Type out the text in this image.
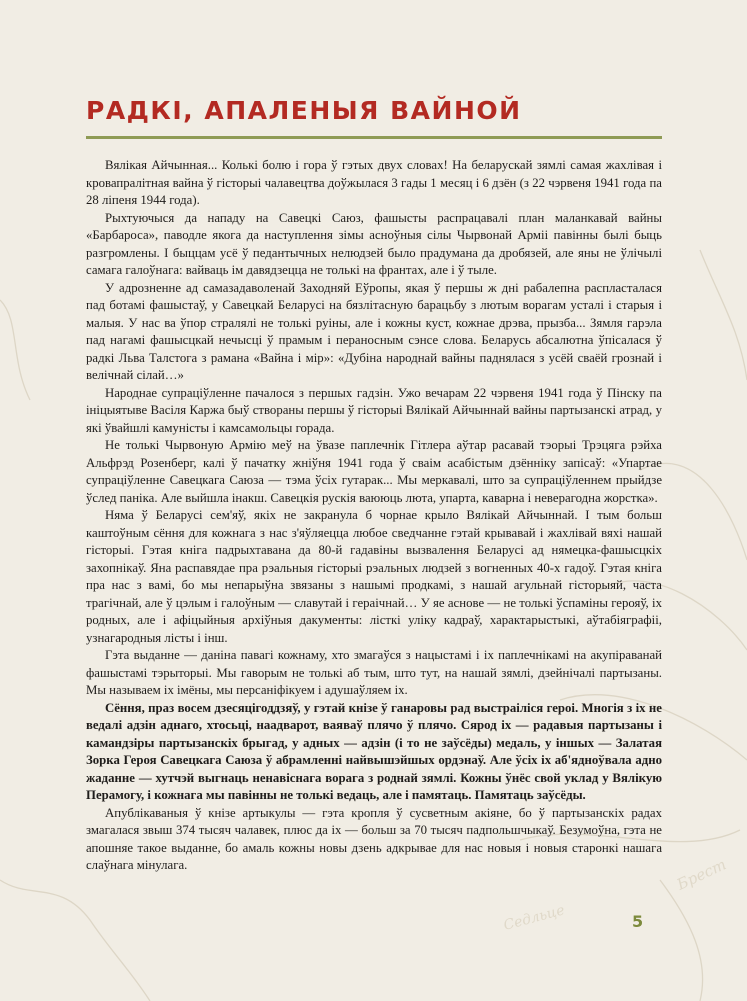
Брест
Седльце
РАДКІ, АПАЛЕНЫЯ ВАЙНОЙ

Вялікая Айчынная... Колькі болю і гора ў гэтых двух словах! На беларускай зямлі самая жахлівая і кровапралітная вайна ў гісторыі чалавецтва доўжылася 3 гады 1 месяц і 6 дзён (з 22 чэрвеня 1941 года па 28 ліпеня 1944 года).

Рыхтуючыся да нападу на Савецкі Саюз, фашысты распрацавалі план маланкавай вайны «Барбароса», паводле якога да наступлення зімы асноўныя сілы Чырвонай Арміі павінны былі быць разгромлены. І быццам усё ў педантычных нелюдзей было прадумана да дробязей, але яны не ўлічылі самага галоўнага: вайваць ім давядзецца не толькі на франтах, але і ў тыле.

У адрозненне ад самазадаволенай Заходняй Еўропы, якая ў першы ж дні рабалепна распласталася пад ботамі фашыстаў, у Савецкай Беларусі на бязлітасную барацьбу з лютым ворагам усталі і старыя і малыя. У нас ва ўпор стралялі не толькі руіны, але і кожны куст, кожнае дрэва, прызба... Зямля гарэла пад нагамі фашысцкай нечысці ў прамым і пераносным сэнсе слова. Беларусь абсалютна ўпісалася ў радкі Льва Талстога з рамана «Вайна і мір»: «Дубіна народнай вайны паднялася з усёй сваёй грознай і велічнай сілай…»

Народнае супраціўленне пачалося з першых гадзін. Ужо вечарам 22 чэрвеня 1941 года ў Пінску па ініцыятыве Васіля Каржа быў створаны першы ў гісторыі Вялікай Айчыннай вайны партызанскі атрад, у які ўвайшлі камуністы і камсамольцы горада.

Не толькі Чырвоную Армію меў на ўвазе паплечнік Гітлера аўтар расавай тэорыі Трэцяга рэйха Альфрэд Розенберг, калі ў пачатку жніўня 1941 года ў сваім асабістым дзённіку запісаў: «Упартае супраціўленне Савецкага Саюза — тэма ўсіх гутарак... Мы меркавалі, што за супраціўленнем прыйдзе ўслед паніка. Але выйшла інакш. Савецкія рускія ваююць люта, упарта, каварна і неверагодна жорстка».

Няма ў Беларусі сем'яў, якіх не закранула б чорнае крыло Вялікай Айчыннай. І тым больш каштоўным сёння для кожнага з нас з'яўляецца любое сведчанне гэтай крывавай і жахлівай вяхі нашай гісторыі. Гэтая кніга падрыхтавана да 80-й гадавіны вызвалення Беларусі ад нямецка-фашысцкіх захопнікаў. Яна распавядае пра рэальныя гісторыі рэальных людзей з вогненных 40-х гадоў. Гэтая кніга пра нас з вамі, бо мы непарыўна звязаны з нашымі продкамі, з нашай агульнай гісторыяй, часта трагічнай, але ў цэлым і галоўным — славутай і гераічнай… У яе аснове — не толькі ўспаміны герояў, іх родных, але і афіцыйныя архіўныя дакументы: лісткі уліку кадраў, характарыстыкі, аўтабіяграфіі, узнагародныя лісты і інш.

Гэта выданне — даніна павагі кожнаму, хто змагаўся з нацыстамі і іх паплечнікамі на акупіраванай фашыстамі тэрыторыі. Мы гаворым не толькі аб тым, што тут, на нашай зямлі, дзейнічалі партызаны. Мы называем іх імёны, мы персаніфікуем і адушаўляем іх.

Сёння, праз восем дзесяцігоддзяў, у гэтай кнізе ў ганаровы рад выстраіліся героі. Многія з іх не ведалі адзін аднаго, хтосьці, наадварот, ваяваў плячо ў плячо. Сярод іх — радавыя партызаны і камандзіры партызанскіх брыгад, у адных — адзін (і то не заўсёды) медаль, у іншых — Залатая Зорка Героя Савецкага Саюза ў абрамленні найвышэйшых ордэнаў. Але ўсіх іх аб'ядноўвала адно жаданне — хутчэй выгнаць ненавіснага ворага з роднай зямлі. Кожны ўнёс свой уклад у Вялікую Перамогу, і кожнага мы павінны не толькі ведаць, але і памятаць. Памятаць заўсёды.

Апублікаваныя ў кнізе артыкулы — гэта кропля ў сусветным акіяне, бо ў партызанскіх радах змагалася звыш 374 тысяч чалавек, плюс да іх — больш за 70 тысяч падпольшчыкаў. Безумоўна, гэта не апошняе такое выданне, бо амаль кожны новы дзень адкрывае для нас новыя і новыя старонкі нашага слаўнага мінулага.

5
